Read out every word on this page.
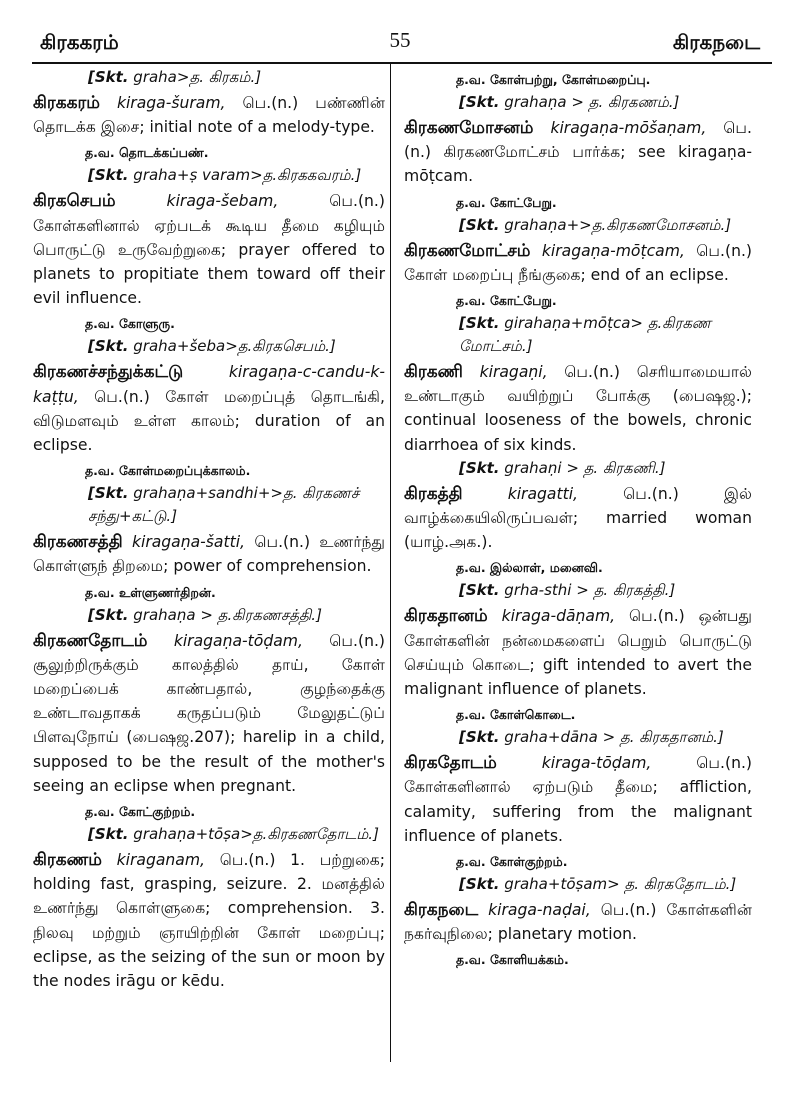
கிரககரம்	55	கிரகநடை
[Skt. graha>த. கிரகம்.]

கிரககரம் kiraga-šuram, பெ.(n.) பண்ணின் தொடக்க இசை; initial note of a melody-type.

த.வ. தொடக்கப்பண்.
[Skt. graha+ṣ varam>த.கிரககவரம்.]

கிரகசெபம்	kiraga-šebam,	பெ.(n.) கோள்களினால் ஏற்படக் கூடிய தீமை கழியும் பொருட்டு உருவேற்றுகை; prayer offered to planets to propitiate them toward off their evil influence.

த.வ. கோளுரு.
[Skt. graha+šeba>த.கிரகசெபம்.]

கிரகணச்சந்துக்கட்டு	kiragaṇa-c-candu-k-kaṭṭu, பெ.(n.) கோள் மறைப்புத் தொடங்கி, விடுமளவும் உள்ள காலம்; duration of an eclipse.

த.வ. கோள்மறைப்புக்காலம்.
[Skt. grahaṇa+sandhi+>த. கிரகணச் சந்து+கட்டு.]

கிரகணசத்தி kiragaṇa-šatti, பெ.(n.) உணர்ந்து கொள்ளுந் திறமை; power of comprehension.

த.வ. உள்ளுணர்திறன்.
[Skt. grahaṇa > த.கிரகணசத்தி.]

கிரகணதோடம் kiragaṇa-tōḍam, பெ.(n.) சூலுற்றிருக்கும் காலத்தில் தாய், கோள் மறைப்பைக் காண்பதால், குழந்தைக்கு உண்டாவதாகக் கருதப்படும் மேலுதட்டுப் பிளவுநோய் (பைஷஜ.207); harelip in a child, supposed to be the result of the mother's seeing an eclipse when pregnant.

த.வ. கோட்குற்றம்.
[Skt. grahaṇa+tōṣa>த.கிரகணதோடம்.]

கிரகணம் kiraganam, பெ.(n.) 1. பற்றுகை; holding fast, grasping, seizure. 2. மனத்தில் உணர்ந்து கொள்ளுகை; comprehension. 3. நிலவு மற்றும் ஞாயிற்றின் கோள் மறைப்பு; eclipse, as the seizing of the sun or moon by the nodes irāgu or kēdu.

த.வ. கோள்பற்று, கோள்மறைப்பு.
[Skt. grahaṇa > த. கிரகணம்.]

கிரகணமோசனம் kiragaṇa-mōšaṇam, பெ.(n.) கிரகணமோட்சம் பார்க்க; see kiragaṇa-mōṭcam.

த.வ. கோட்பேறு.
[Skt. grahaṇa+>த.கிரகணமோசனம்.]

கிரகணமோட்சம் kiragaṇa-mōṭcam, பெ.(n.) கோள் மறைப்பு நீங்குகை; end of an eclipse.

த.வ. கோட்பேறு.
[Skt. girahaṇa+mōṭca> த.கிரகண மோட்சம்.]

கிரகணி kiragaṇi, பெ.(n.) செரியாமையால் உண்டாகும் வயிற்றுப் போக்கு (பைஷஜ.); continual looseness of the bowels, chronic diarrhoea of six kinds.

[Skt. grahaṇi > த. கிரகணி.]

கிரகத்தி	kiragatti,	பெ.(n.) இல் வாழ்க்கையிலிருப்பவள்; married woman (யாழ்.அக.).

த.வ. இல்லாள், மனைவி.
[Skt. grha-sthi > த. கிரகத்தி.]

கிரகதானம் kiraga-dāṇam, பெ.(n.) ஒன்பது கோள்களின் நன்மைகளைப் பெறும் பொருட்டு செய்யும் கொடை; gift intended to avert the malignant influence of planets.

த.வ. கோள்கொடை.
[Skt. graha+dāna > த. கிரகதானம்.]

கிரகதோடம்	kiraga-tōḍam,	பெ.(n.) கோள்களினால் ஏற்படும் தீமை; affliction, calamity, suffering from the malignant influence of planets.

த.வ. கோள்குற்றம்.
[Skt. graha+tōṣam> த. கிரகதோடம்.]

கிரகநடை kiraga-naḍai, பெ.(n.) கோள்களின் நகர்வுநிலை; planetary motion.

த.வ. கோளியக்கம்.
